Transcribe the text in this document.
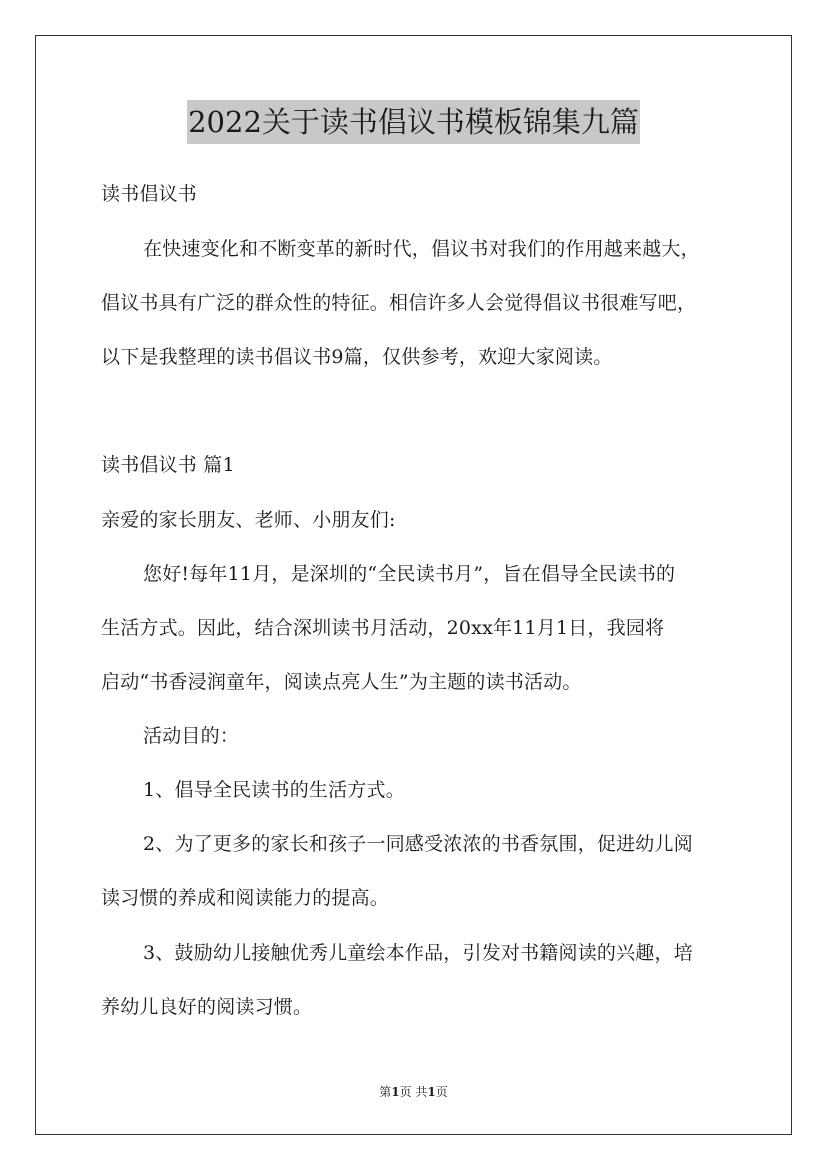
2022关于读书倡议书模板锦集九篇
读书倡议书
在快速变化和不断变革的新时代，倡议书对我们的作用越来越大，
倡议书具有广泛的群众性的特征。相信许多人会觉得倡议书很难写吧，
以下是我整理的读书倡议书9篇，仅供参考，欢迎大家阅读。
读书倡议书 篇1
亲爱的家长朋友、老师、小朋友们:
您好!每年11月，是深圳的“全民读书月”，旨在倡导全民读书的
生活方式。因此，结合深圳读书月活动，20xx年11月1日，我园将
启动“书香浸润童年，阅读点亮人生”为主题的读书活动。
活动目的：
1、倡导全民读书的生活方式。
2、为了更多的家长和孩子一同感受浓浓的书香氛围，促进幼儿阅
读习惯的养成和阅读能力的提高。
3、鼓励幼儿接触优秀儿童绘本作品，引发对书籍阅读的兴趣，培
养幼儿良好的阅读习惯。
第1页 共1页
